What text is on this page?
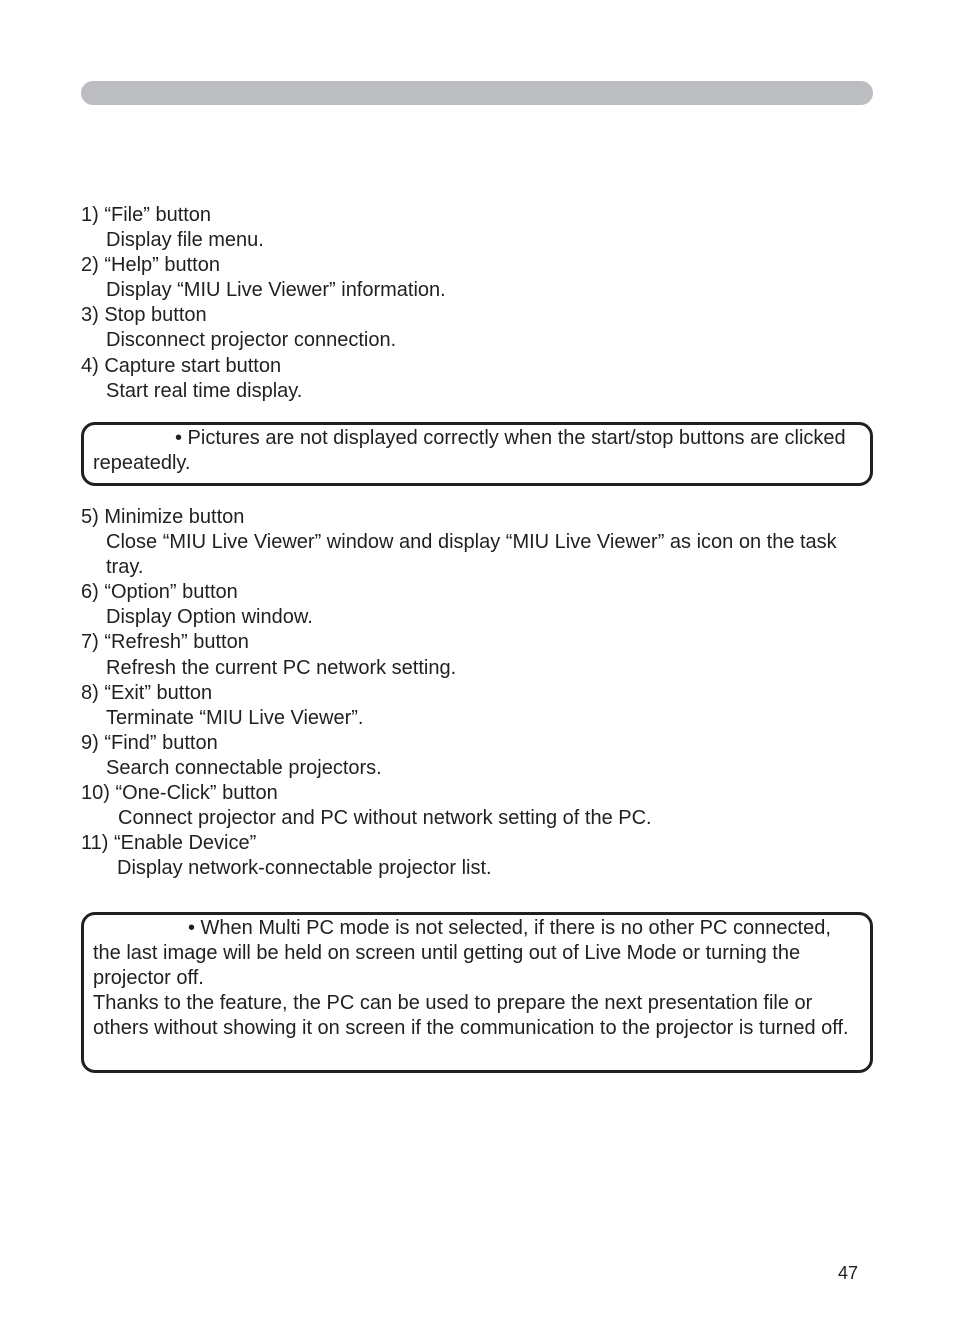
1) “File” button
Display file menu.
2) “Help” button
Display “MIU Live Viewer” information.
3) Stop button
Disconnect projector connection.
4) Capture start button
Start real time display.
• Pictures are not displayed correctly when the start/stop buttons are clicked repeatedly.
5) Minimize button
Close “MIU Live Viewer” window and display “MIU Live Viewer” as icon on the task tray.
6) “Option” button
Display Option window.
7) “Refresh” button
Refresh the current PC network setting.
8) “Exit” button
Terminate “MIU Live Viewer”.
9) “Find” button
Search connectable projectors.
10) “One-Click” button
Connect projector and PC without network setting of the PC.
11) “Enable Device”
Display network-connectable projector list.
• When Multi PC mode is not selected, if there is no other PC connected, the last image will be held on screen until getting out of Live Mode or turning the projector off.
Thanks to the feature, the PC can be used to prepare the next presentation file or others without showing it on screen if the communication to the projector is turned off.
47
